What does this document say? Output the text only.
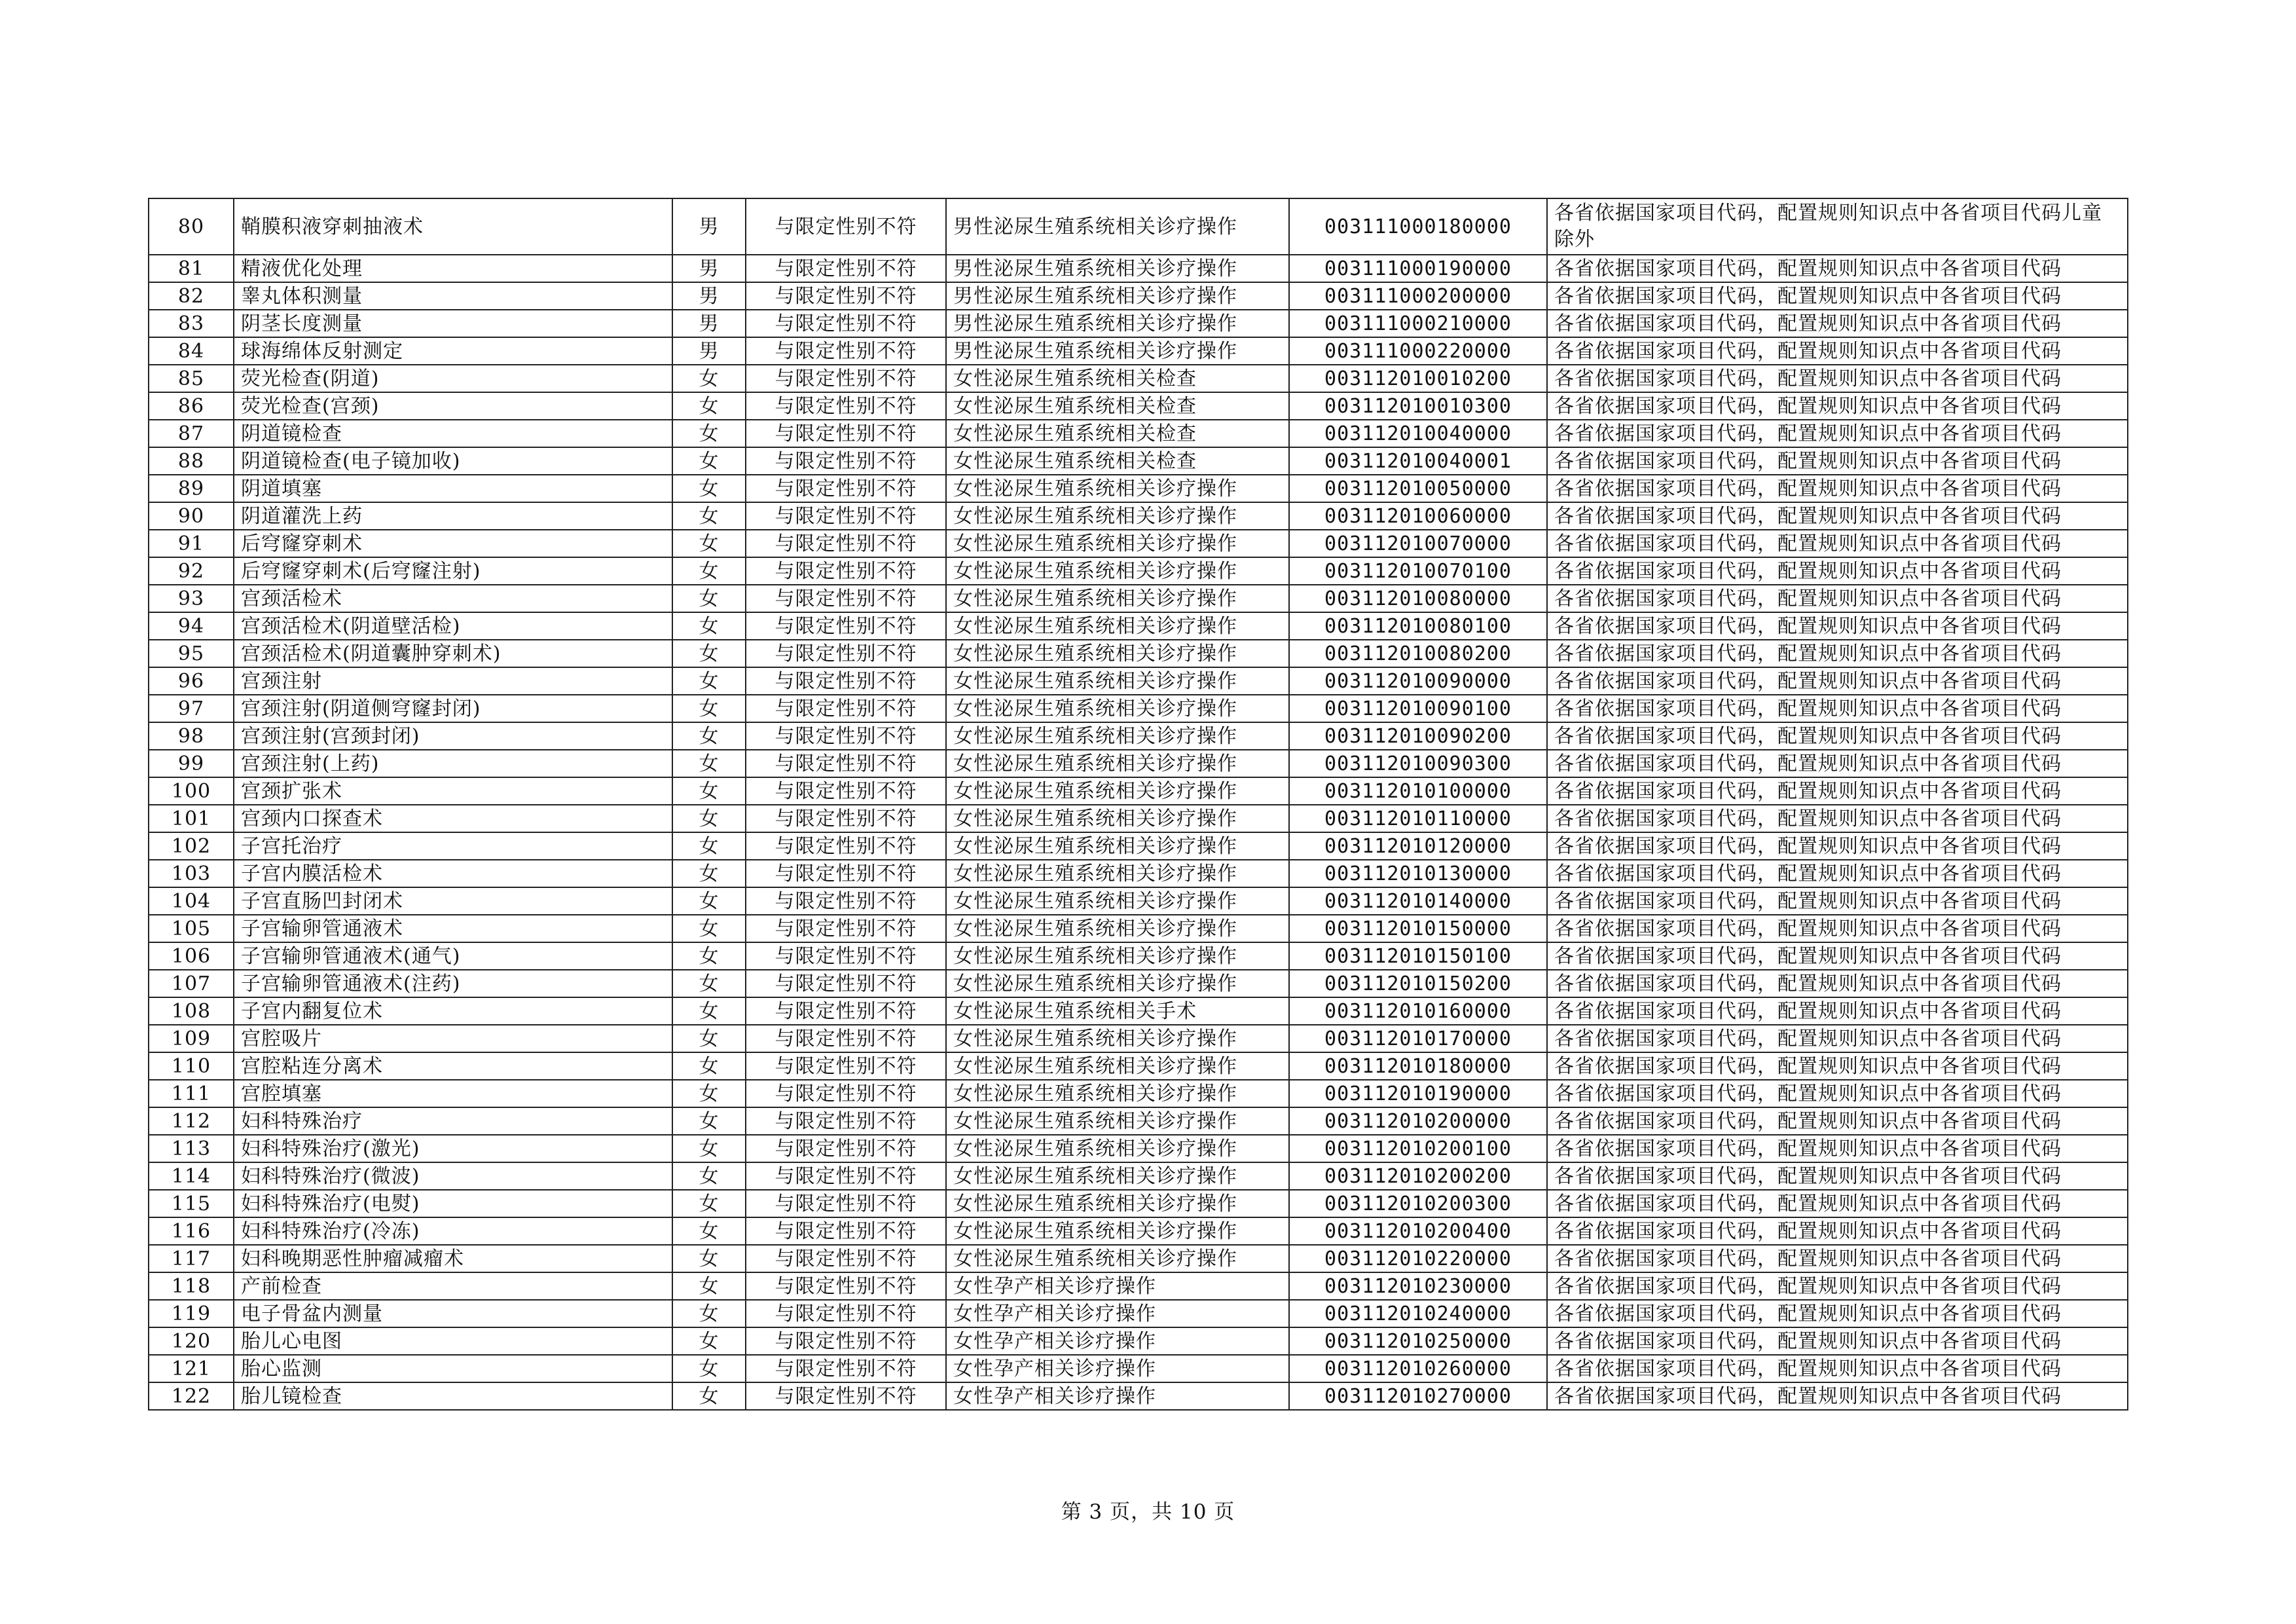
80	鞘膜积液穿刺抽液术	男	与限定性别不符	男性泌尿生殖系统相关诊疗操作	003111000180000	各省依据国家项目代码，配置规则知识点中各省项目代码儿童除外
81	精液优化处理	男	与限定性别不符	男性泌尿生殖系统相关诊疗操作	003111000190000	各省依据国家项目代码，配置规则知识点中各省项目代码
82	睾丸体积测量	男	与限定性别不符	男性泌尿生殖系统相关诊疗操作	003111000200000	各省依据国家项目代码，配置规则知识点中各省项目代码
83	阴茎长度测量	男	与限定性别不符	男性泌尿生殖系统相关诊疗操作	003111000210000	各省依据国家项目代码，配置规则知识点中各省项目代码
84	球海绵体反射测定	男	与限定性别不符	男性泌尿生殖系统相关诊疗操作	003111000220000	各省依据国家项目代码，配置规则知识点中各省项目代码
85	荧光检查(阴道)	女	与限定性别不符	女性泌尿生殖系统相关检查	003112010010200	各省依据国家项目代码，配置规则知识点中各省项目代码
86	荧光检查(宫颈)	女	与限定性别不符	女性泌尿生殖系统相关检查	003112010010300	各省依据国家项目代码，配置规则知识点中各省项目代码
87	阴道镜检查	女	与限定性别不符	女性泌尿生殖系统相关检查	003112010040000	各省依据国家项目代码，配置规则知识点中各省项目代码
88	阴道镜检查(电子镜加收)	女	与限定性别不符	女性泌尿生殖系统相关检查	003112010040001	各省依据国家项目代码，配置规则知识点中各省项目代码
89	阴道填塞	女	与限定性别不符	女性泌尿生殖系统相关诊疗操作	003112010050000	各省依据国家项目代码，配置规则知识点中各省项目代码
90	阴道灌洗上药	女	与限定性别不符	女性泌尿生殖系统相关诊疗操作	003112010060000	各省依据国家项目代码，配置规则知识点中各省项目代码
91	后穹窿穿刺术	女	与限定性别不符	女性泌尿生殖系统相关诊疗操作	003112010070000	各省依据国家项目代码，配置规则知识点中各省项目代码
92	后穹窿穿刺术(后穹窿注射)	女	与限定性别不符	女性泌尿生殖系统相关诊疗操作	003112010070100	各省依据国家项目代码，配置规则知识点中各省项目代码
93	宫颈活检术	女	与限定性别不符	女性泌尿生殖系统相关诊疗操作	003112010080000	各省依据国家项目代码，配置规则知识点中各省项目代码
94	宫颈活检术(阴道壁活检)	女	与限定性别不符	女性泌尿生殖系统相关诊疗操作	003112010080100	各省依据国家项目代码，配置规则知识点中各省项目代码
95	宫颈活检术(阴道囊肿穿刺术)	女	与限定性别不符	女性泌尿生殖系统相关诊疗操作	003112010080200	各省依据国家项目代码，配置规则知识点中各省项目代码
96	宫颈注射	女	与限定性别不符	女性泌尿生殖系统相关诊疗操作	003112010090000	各省依据国家项目代码，配置规则知识点中各省项目代码
97	宫颈注射(阴道侧穹窿封闭)	女	与限定性别不符	女性泌尿生殖系统相关诊疗操作	003112010090100	各省依据国家项目代码，配置规则知识点中各省项目代码
98	宫颈注射(宫颈封闭)	女	与限定性别不符	女性泌尿生殖系统相关诊疗操作	003112010090200	各省依据国家项目代码，配置规则知识点中各省项目代码
99	宫颈注射(上药)	女	与限定性别不符	女性泌尿生殖系统相关诊疗操作	003112010090300	各省依据国家项目代码，配置规则知识点中各省项目代码
100	宫颈扩张术	女	与限定性别不符	女性泌尿生殖系统相关诊疗操作	003112010100000	各省依据国家项目代码，配置规则知识点中各省项目代码
101	宫颈内口探查术	女	与限定性别不符	女性泌尿生殖系统相关诊疗操作	003112010110000	各省依据国家项目代码，配置规则知识点中各省项目代码
102	子宫托治疗	女	与限定性别不符	女性泌尿生殖系统相关诊疗操作	003112010120000	各省依据国家项目代码，配置规则知识点中各省项目代码
103	子宫内膜活检术	女	与限定性别不符	女性泌尿生殖系统相关诊疗操作	003112010130000	各省依据国家项目代码，配置规则知识点中各省项目代码
104	子宫直肠凹封闭术	女	与限定性别不符	女性泌尿生殖系统相关诊疗操作	003112010140000	各省依据国家项目代码，配置规则知识点中各省项目代码
105	子宫输卵管通液术	女	与限定性别不符	女性泌尿生殖系统相关诊疗操作	003112010150000	各省依据国家项目代码，配置规则知识点中各省项目代码
106	子宫输卵管通液术(通气)	女	与限定性别不符	女性泌尿生殖系统相关诊疗操作	003112010150100	各省依据国家项目代码，配置规则知识点中各省项目代码
107	子宫输卵管通液术(注药)	女	与限定性别不符	女性泌尿生殖系统相关诊疗操作	003112010150200	各省依据国家项目代码，配置规则知识点中各省项目代码
108	子宫内翻复位术	女	与限定性别不符	女性泌尿生殖系统相关手术	003112010160000	各省依据国家项目代码，配置规则知识点中各省项目代码
109	宫腔吸片	女	与限定性别不符	女性泌尿生殖系统相关诊疗操作	003112010170000	各省依据国家项目代码，配置规则知识点中各省项目代码
110	宫腔粘连分离术	女	与限定性别不符	女性泌尿生殖系统相关诊疗操作	003112010180000	各省依据国家项目代码，配置规则知识点中各省项目代码
111	宫腔填塞	女	与限定性别不符	女性泌尿生殖系统相关诊疗操作	003112010190000	各省依据国家项目代码，配置规则知识点中各省项目代码
112	妇科特殊治疗	女	与限定性别不符	女性泌尿生殖系统相关诊疗操作	003112010200000	各省依据国家项目代码，配置规则知识点中各省项目代码
113	妇科特殊治疗(激光)	女	与限定性别不符	女性泌尿生殖系统相关诊疗操作	003112010200100	各省依据国家项目代码，配置规则知识点中各省项目代码
114	妇科特殊治疗(微波)	女	与限定性别不符	女性泌尿生殖系统相关诊疗操作	003112010200200	各省依据国家项目代码，配置规则知识点中各省项目代码
115	妇科特殊治疗(电熨)	女	与限定性别不符	女性泌尿生殖系统相关诊疗操作	003112010200300	各省依据国家项目代码，配置规则知识点中各省项目代码
116	妇科特殊治疗(冷冻)	女	与限定性别不符	女性泌尿生殖系统相关诊疗操作	003112010200400	各省依据国家项目代码，配置规则知识点中各省项目代码
117	妇科晚期恶性肿瘤减瘤术	女	与限定性别不符	女性泌尿生殖系统相关诊疗操作	003112010220000	各省依据国家项目代码，配置规则知识点中各省项目代码
118	产前检查	女	与限定性别不符	女性孕产相关诊疗操作	003112010230000	各省依据国家项目代码，配置规则知识点中各省项目代码
119	电子骨盆内测量	女	与限定性别不符	女性孕产相关诊疗操作	003112010240000	各省依据国家项目代码，配置规则知识点中各省项目代码
120	胎儿心电图	女	与限定性别不符	女性孕产相关诊疗操作	003112010250000	各省依据国家项目代码，配置规则知识点中各省项目代码
121	胎心监测	女	与限定性别不符	女性孕产相关诊疗操作	003112010260000	各省依据国家项目代码，配置规则知识点中各省项目代码
122	胎儿镜检查	女	与限定性别不符	女性孕产相关诊疗操作	003112010270000	各省依据国家项目代码，配置规则知识点中各省项目代码
第 3 页，共 10 页
